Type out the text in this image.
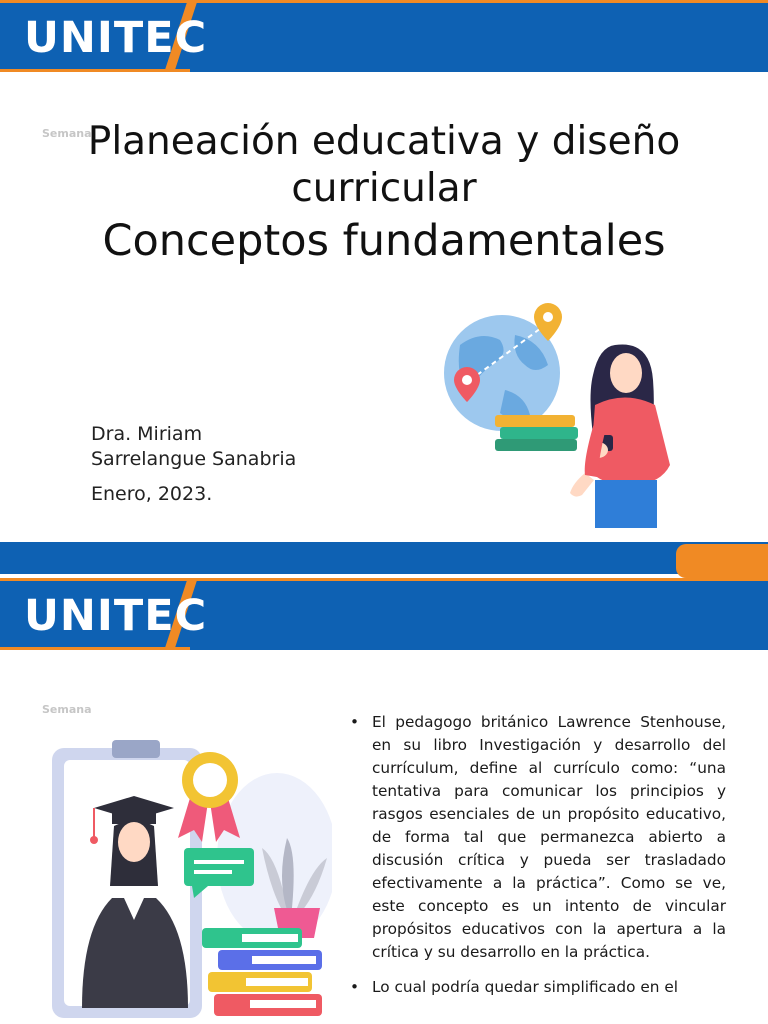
UNITEC
Semana
Planeación educativa y diseño
curricular
Conceptos fundamentales
Dra. Miriam
Sarrelangue Sanabria
Enero, 2023.
UNITEC
Semana
• El pedagogo británico Lawrence Stenhouse, en su libro Investigación y desarrollo del currículum, define al currículo como: “una tentativa para comunicar los principios y rasgos esenciales de un propósito educativo, de forma tal que permanezca abierto a discusión crítica y pueda ser trasladado efectivamente a la práctica”. Como se ve, este concepto es un intento de vincular propósitos educativos con la apertura a la crítica y su desarrollo en la práctica.
• Lo cual podría quedar simplificado en el
